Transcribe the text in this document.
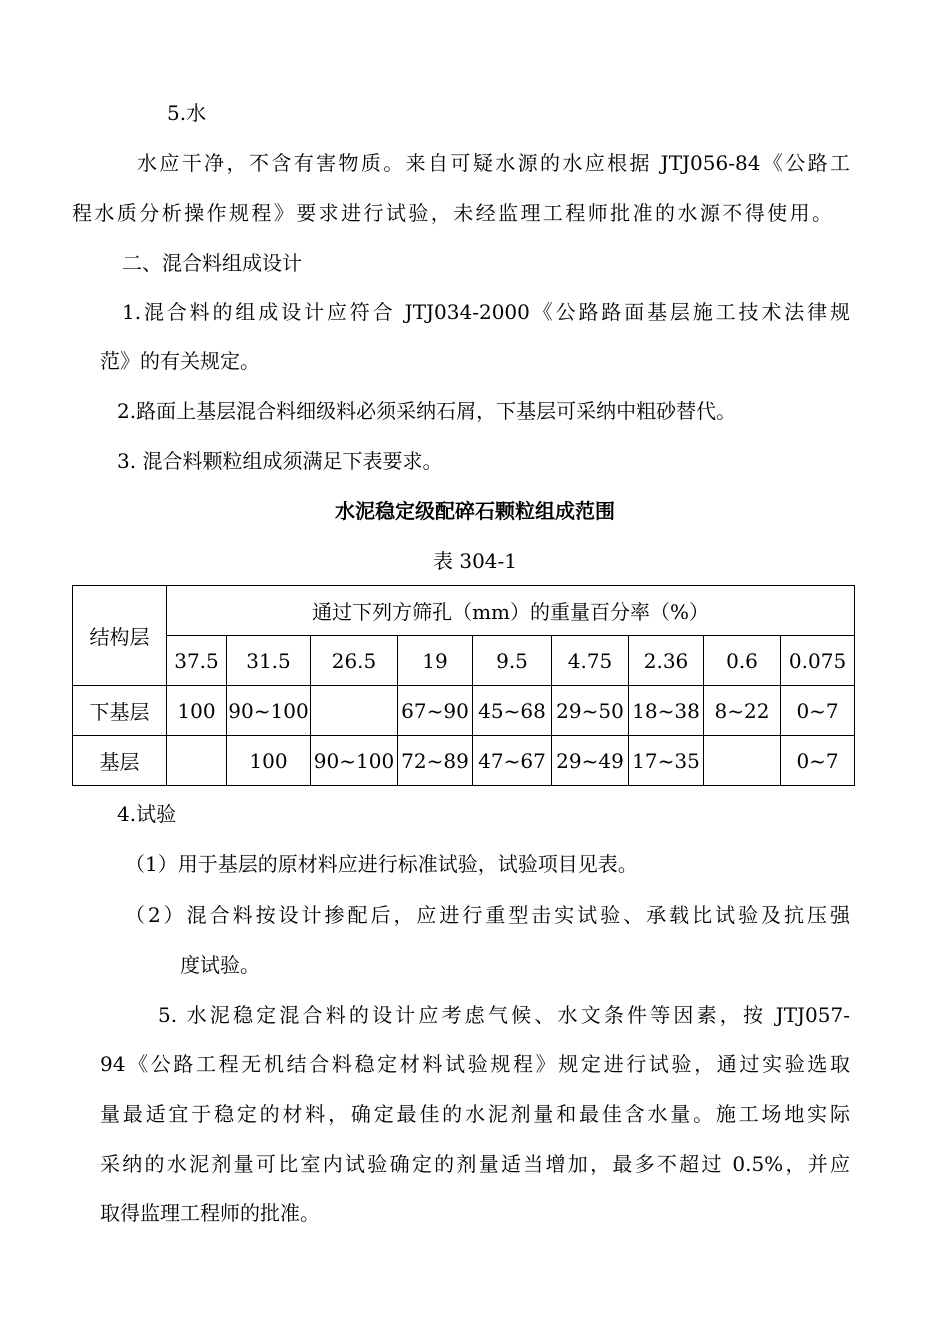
5.水
水应干净，不含有害物质。来自可疑水源的水应根据 JTJ056-84《公路工
程水质分析操作规程》要求进行试验，未经监理工程师批准的水源不得使用。
二、混合料组成设计
1.混合料的组成设计应符合 JTJ034-2000《公路路面基层施工技术法律规
范》的有关规定。
2.路面上基层混合料细级料必须采纳石屑，下基层可采纳中粗砂替代。
3. 混合料颗粒组成须满足下表要求。
水泥稳定级配碎石颗粒组成范围
表 304-1
结构层	通过下列方筛孔（mm）的重量百分率（%）								
	37.5	31.5	26.5	19	9.5	4.75	2.36	0.6	0.075
下基层	100	90~100		67~90	45~68	29~50	18~38	8~22	0~7
基层		100	90~100	72~89	47~67	29~49	17~35		0~7
4.试验
（1）用于基层的原材料应进行标准试验，试验项目见表。
（2）混合料按设计掺配后，应进行重型击实试验、承载比试验及抗压强
度试验。
5. 水泥稳定混合料的设计应考虑气候、水文条件等因素，按 JTJ057-
94《公路工程无机结合料稳定材料试验规程》规定进行试验，通过实验选取
量最适宜于稳定的材料，确定最佳的水泥剂量和最佳含水量。施工场地实际
采纳的水泥剂量可比室内试验确定的剂量适当增加，最多不超过 0.5%，并应
取得监理工程师的批准。
